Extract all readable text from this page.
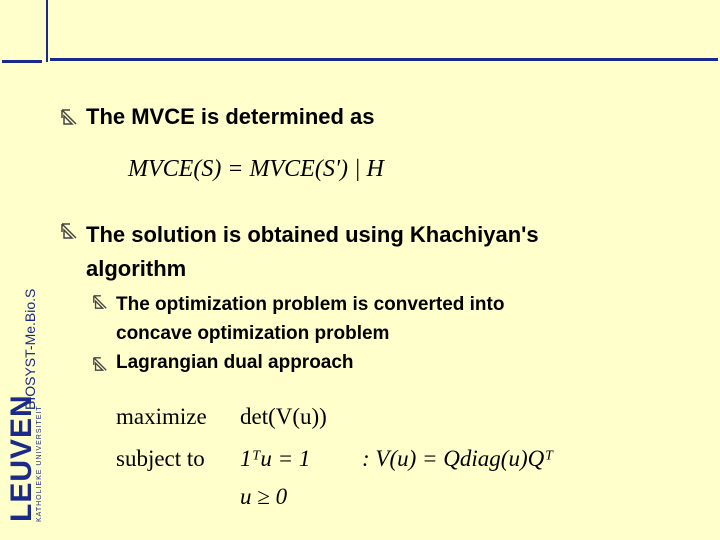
BIOSYST-Me.Bio.S
LEUVEN
KATHOLIEKE UNIVERSITEIT
The MVCE is determined as
MVCE(S) = MVCE(S') | H
The solution is obtained using Khachiyan's
algorithm
The optimization problem is converted into
concave optimization problem
Lagrangian dual approach
maximize det(V(u))
subject to 1ᵀu = 1 : V(u) = Qdiag(u)Qᵀ
u ≥ 0
